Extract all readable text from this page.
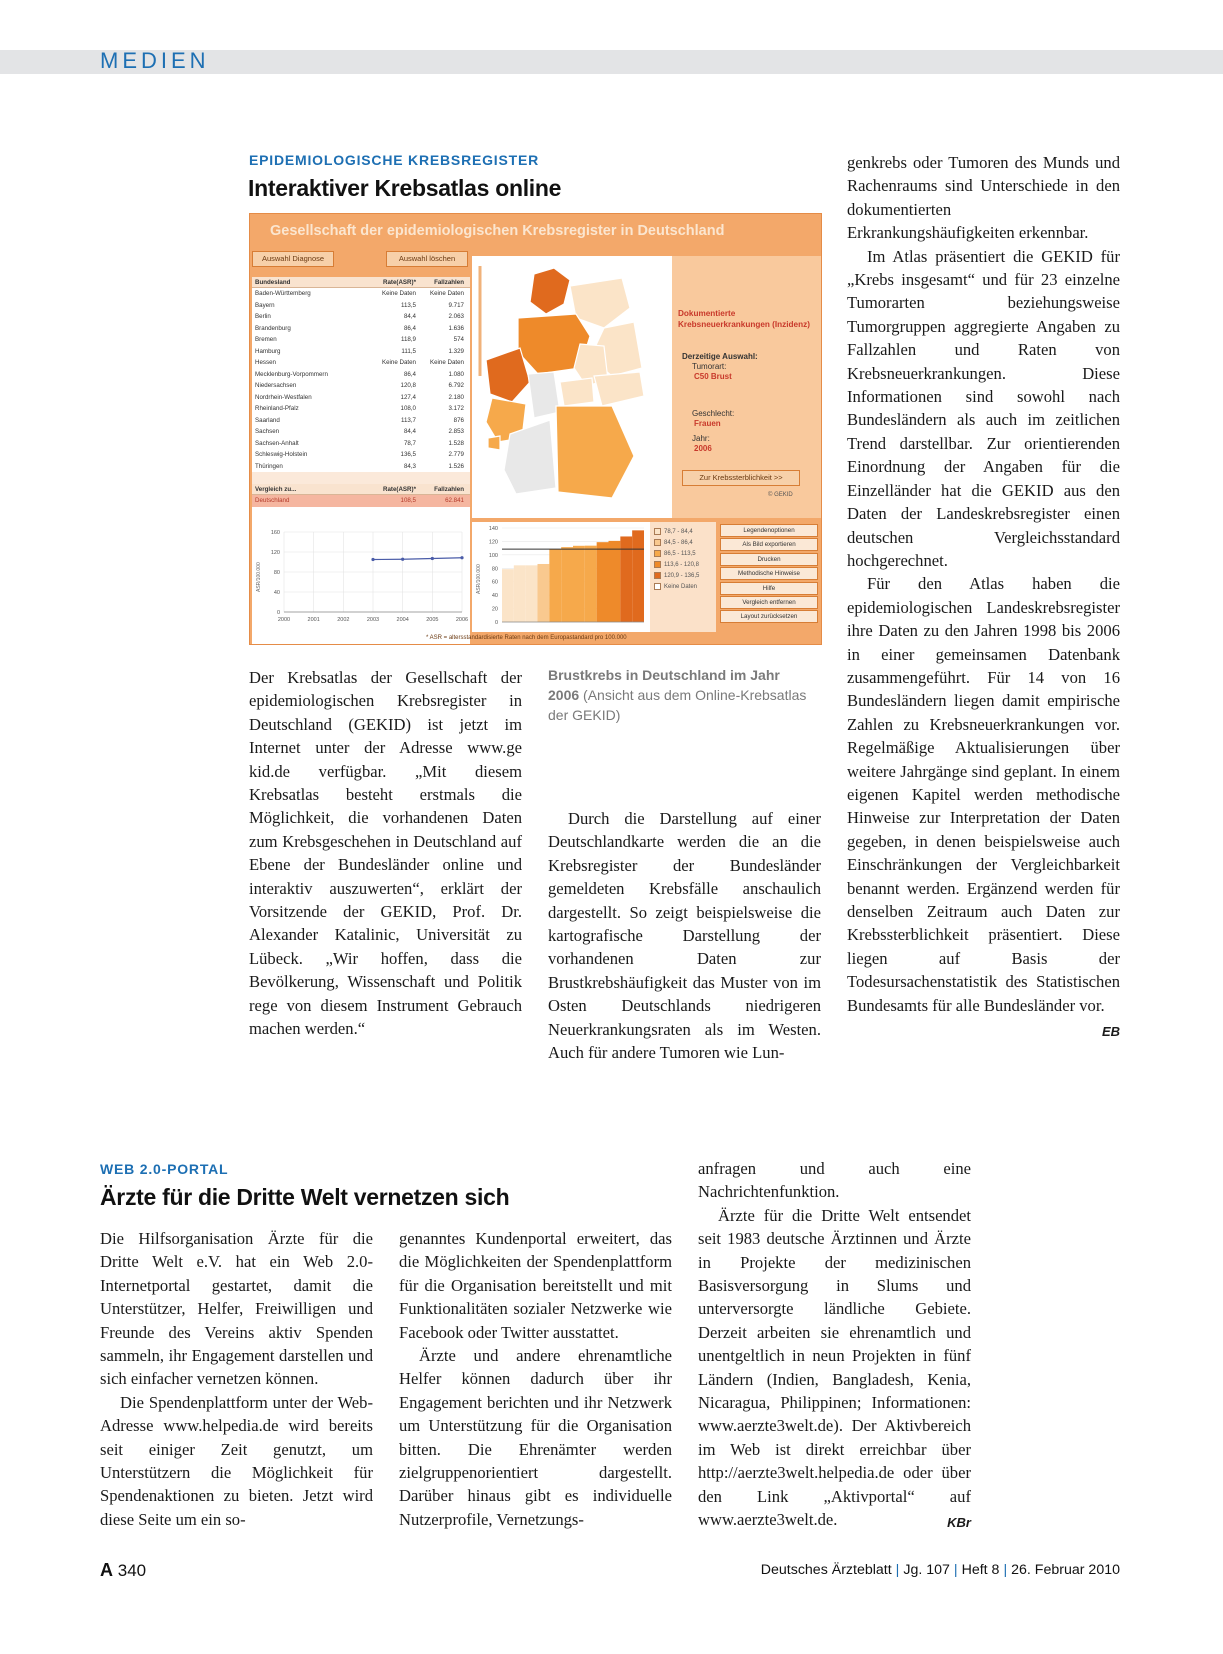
MEDIEN
EPIDEMIOLOGISCHE KREBSREGISTER
Interaktiver Krebsatlas online
Gesellschaft der epidemiologischen Krebsregister in Deutschland
Auswahl Diagnose	Auswahl löschen
Bundesland	Rate(ASR)*	Fallzahlen
Baden-Württemberg	Keine Daten	Keine Daten
Bayern	113,5	9.717
Berlin	84,4	2.063
Brandenburg	86,4	1.636
Bremen	118,9	574
Hamburg	111,5	1.329
Hessen	Keine Daten	Keine Daten
Mecklenburg-Vorpommern	86,4	1.080
Niedersachsen	120,8	6.792
Nordrhein-Westfalen	127,4	2.180
Rheinland-Pfalz	108,0	3.172
Saarland	113,7	876
Sachsen	84,4	2.853
Sachsen-Anhalt	78,7	1.528
Schleswig-Holstein	136,5	2.779
Thüringen	84,3	1.526
Vergleich zu...	Rate(ASR)*	Fallzahlen
Deutschland	108,5	62.841
Dokumentierte Krebsneuerkrankungen (Inzidenz)
Derzeitige Auswahl:
Tumorart:
C50 Brust
Geschlecht:
Frauen
Jahr:
2006
Zur Krebssterblichkeit >>
© GEKID
ASR/100.000
0
40
80
120
160
2000	2001	2002	2003	2004	2005	2006
ASR/100.000
0
20
40
60
80
100
120
140	78,7 - 84,4
84,5 - 86,4
86,5 - 113,5
113,6 - 120,8
120,9 - 136,5
Keine Daten
Legendenoptionen
Als Bild exportieren
Drucken
Methodische Hinweise
Hilfe
Vergleich entfernen
Layout zurücksetzen
* ASR = altersstandardisierte Raten nach dem Europastandard pro 100.000
Brustkrebs in Deutschland im Jahr 2006 (Ansicht aus dem Online-Krebsatlas der GEKID)

Der Krebsatlas der Gesellschaft der epidemiologischen Krebsregister in Deutschland (GEKID) ist jetzt im Internet unter der Adresse www.ge kid.de verfügbar. „Mit diesem Krebsatlas besteht erstmals die Möglichkeit, die vorhandenen Daten zum Krebsgeschehen in Deutschland auf Ebene der Bundesländer online und interaktiv auszuwerten“, erklärt der Vorsitzende der GEKID, Prof. Dr. Alexander Katalinic, Universität zu Lübeck. „Wir hoffen, dass die Bevölkerung, Wissenschaft und Politik rege von diesem Instrument Gebrauch machen werden.“

Durch die Darstellung auf einer Deutschlandkarte werden die an die Krebsregister der Bundesländer gemeldeten Krebsfälle anschaulich dargestellt. So zeigt beispielsweise die kartografische Darstellung der vorhandenen Daten zur Brustkrebshäufigkeit das Muster von im Osten Deutschlands niedrigeren Neuerkrankungsraten als im Westen. Auch für andere Tumoren wie Lun-

genkrebs oder Tumoren des Munds und Rachenraums sind Unterschiede in den dokumentierten Erkrankungshäufigkeiten erkennbar.

Im Atlas präsentiert die GEKID für „Krebs insgesamt“ und für 23 einzelne Tumorarten beziehungsweise Tumorgruppen aggregierte Angaben zu Fallzahlen und Raten von Krebsneuerkrankungen. Diese Informationen sind sowohl nach Bundesländern als auch im zeitlichen Trend darstellbar. Zur orientierenden Einordnung der Angaben für die Einzelländer hat die GEKID aus den Daten der Landeskrebsregister einen deutschen Vergleichsstandard hochgerechnet.

Für den Atlas haben die epidemiologischen Landeskrebsregister ihre Daten zu den Jahren 1998 bis 2006 in einer gemeinsamen Datenbank zusammengeführt. Für 14 von 16 Bundesländern liegen damit empirische Zahlen zu Krebsneuerkrankungen vor. Regelmäßige Aktualisierungen über weitere Jahrgänge sind geplant. In einem eigenen Kapitel werden methodische Hinweise zur Interpretation der Daten gegeben, in denen beispielsweise auch Einschränkungen der Vergleichbarkeit benannt werden. Ergänzend werden für denselben Zeitraum auch Daten zur Krebssterblichkeit präsentiert. Diese liegen auf Basis der Todesursachenstatistik des Statistischen Bundesamts für alle Bundesländer vor.
EB

WEB 2.0-PORTAL
Ärzte für die Dritte Welt vernetzen sich

Die Hilfsorganisation Ärzte für die Dritte Welt e.V. hat ein Web 2.0-Internetportal gestartet, damit die Unterstützer, Helfer, Freiwilligen und Freunde des Vereins aktiv Spenden sammeln, ihr Engagement darstellen und sich einfacher vernetzen können.

Die Spendenplattform unter der Web-Adresse www.helpedia.de wird bereits seit einiger Zeit genutzt, um Unterstützern die Möglichkeit für Spendenaktionen zu bieten. Jetzt wird diese Seite um ein so-

genanntes Kundenportal erweitert, das die Möglichkeiten der Spendenplattform für die Organisation bereitstellt und mit Funktionalitäten sozialer Netzwerke wie Facebook oder Twitter ausstattet.

Ärzte und andere ehrenamtliche Helfer können dadurch über ihr Engagement berichten und ihr Netzwerk um Unterstützung für die Organisation bitten. Die Ehrenämter werden zielgruppenorientiert dargestellt. Darüber hinaus gibt es individuelle Nutzerprofile, Vernetzungs-

anfragen und auch eine Nachrichtenfunktion.

Ärzte für die Dritte Welt entsendet seit 1983 deutsche Ärztinnen und Ärzte in Projekte der medizinischen Basisversorgung in Slums und unterversorgte ländliche Gebiete. Derzeit arbeiten sie ehrenamtlich und unentgeltlich in neun Projekten in fünf Ländern (Indien, Bangladesh, Kenia, Nicaragua, Philippinen; Informationen: www.aerzte3welt.de). Der Aktivbereich im Web ist direkt erreichbar über http://aerzte3welt.helpedia.de oder über den Link „Aktivportal“ auf www.aerzte3welt.de.	KBr

A 340	Deutsches Ärzteblatt | Jg. 107 | Heft 8 | 26. Februar 2010
